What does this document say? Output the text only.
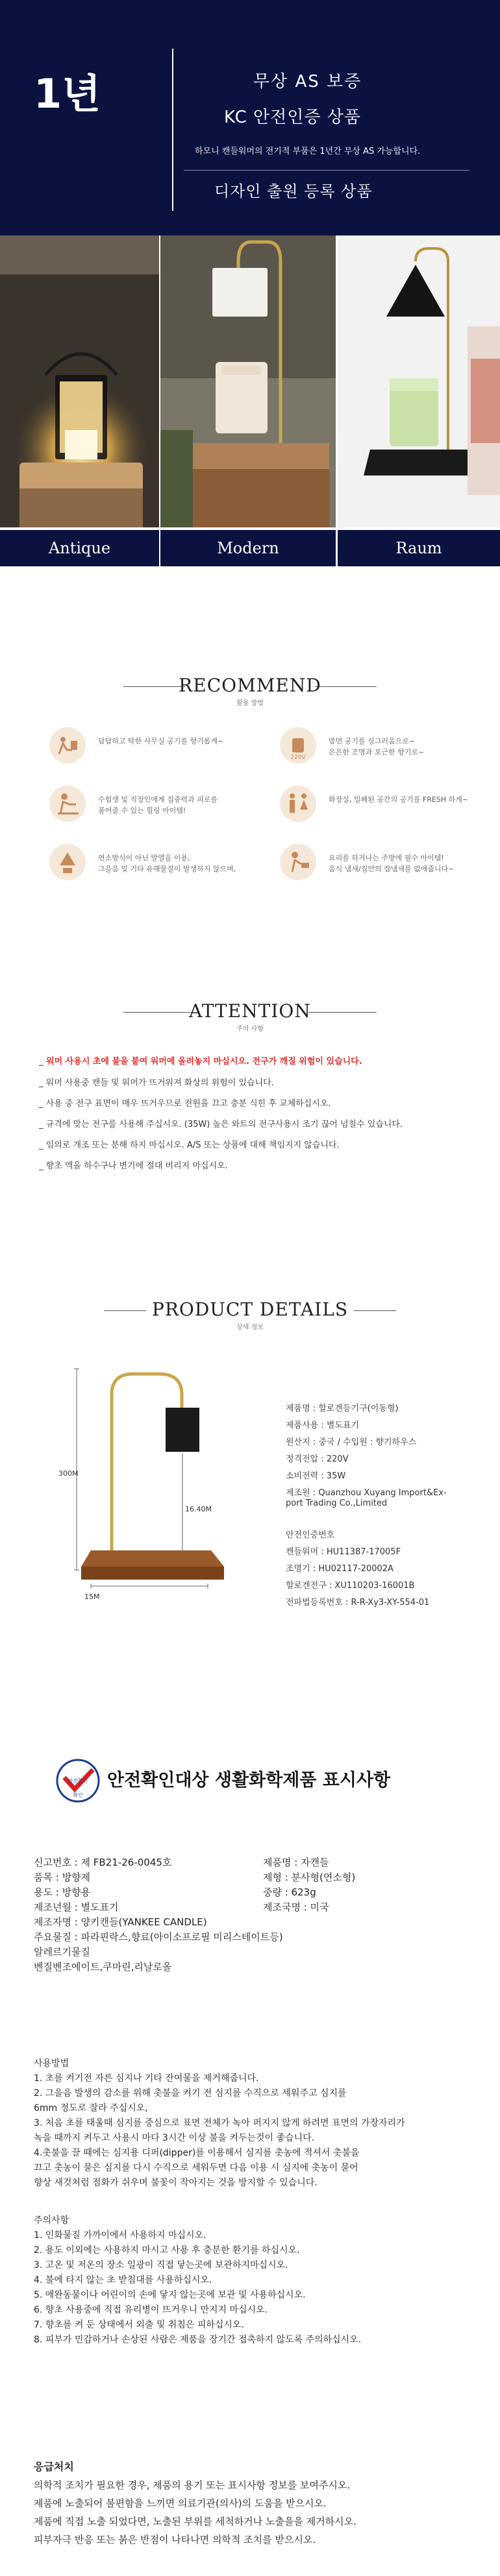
1년	무상 AS 보증
KC 안전인증 상품
하모니 캔들워머의 전기적 부품은 1년간 무상 AS 가능합니다.
디자인 출원 등록 상품
Antique	Modern	Raum
RECOMMEND
활용 방법
답답하고 탁한 사무실 공기를 향기롭게~
220V
밤먼 공기를 싱그러움으로~
은은한 조명과 포근한 향기로~
수험생 및 직장인에게 집중력과 피로를
풀어줄 수 있는 힐링 아이템!
화장실, 밀폐된 공간의 공기를 FRESH 하게~
연소방식이 아닌 발열을 이용,
그을음 및 기타 유해물질이 발생하지 않으며,
요리를 하거나는 주방에 필수 아이템!
음식 냄새/집안의 잡냄새를 없애줍니다~
ATTENTION
주의 사항
_ 워머 사용시 초에 불을 붙여 워머에 올려놓지 마십시오. 전구가 깨질 위험이 있습니다.
_ 워머 사용중 캔들 및 워머가 뜨거워져 화상의 위험이 있습니다.
_ 사용 중 전구 표면이 매우 뜨거우므로 전원을 끄고 충분 식힌 후 교체하십시오.
_ 규격에 맞는 전구를 사용해 주십시오. (35W) 높은 와트의 전구사용시 조기 끊어 넘칠수 있습니다.
_ 임의로 개조 또는 분해 하지 마십시오. A/S 또는 상품에 대해 책임지지 않습니다.
_ 향초 액을 하수구나 변기에 절대 버리지 마십시오.
PRODUCT DETAILS
상세 정보
300M
16.40M
15M
제품명 : 할로겐등기구(이동형)
제품사용 : 별도표기
원산지 : 중국 / 수입원 : 향기하우스
정격전압 : 220V
소비전력 : 35W
제조원 : Quanzhou Xuyang Import&Ex-
port Trading Co.,Limited
안전인증번호
캔들워머 : HU11387-17005F
조명기 : HU02117-20002A
할로겐전구 : XU110203-16001B
전파법등록번호 : R-R-Xy3-XY-554-01
안전확인
확인
안전확인대상 생활화학제품 표시사항
신고번호 : 제 FB21-26-0045호
품목 : 방향제
용도 : 방향용
제조년월 : 별도표기
제조자명 : 양키캔들(YANKEE CANDLE)
주요물질 : 파라핀락스,향료(아이소프로필 미리스테이트등)
알레르기물질
벤질벤조에이트,쿠마린,리날로올
제품명 : 자캔들
제형 : 분사형(연소형)
중량 : 623g
제조국명 : 미국
사용방법
1. 초를 켜기전 자른 심지나 기타 잔여물을 제거해줍니다.
2. 그을음 발생의 감소를 위해 촛불을 켜기 전 심지를 수직으로 세워주고 심지를
6mm 정도로 잘라 주십시오,
3. 처음 초를 태울때 심지를 중심으로 표면 전체가 녹아 퍼지지 않게 하려면 표면의 가장자리가
녹을 때까지 켜두고 사용시 마다 3시간 이상 불을 켜두는것이 좋습니다.
4.촛불을 끌 때에는 심지용 디퍼(dipper)를 이용해서 심지를 촛농에 적셔서 촛불을
끄고 촛농이 묻은 심지를 다시 수직으로 세워두면 다음 이용 시 심지에 촛농이 묻어
향상 새것처럼 점화가 쉬우며 불꽃이 작아지는 것을 방지할 수 있습니다.
주의사항
1. 인화물질 가까이에서 사용하지 마십시오.
2. 용도 이외에는 사용하지 마시고 사용 후 충분한 환기를 하십시오.
3. 고온 및 저온의 장소 일광이 직접 닿는곳에 보관하지마십시오.
4. 불에 타지 않는 초 받침대를 사용하십시오.
5. 애완동물이나 어린이의 손에 닿지 않는곳에 보관 및 사용하십시오.
6. 향초 사용중에 직접 유리병이 뜨거우니 만지지 마십시오.
7. 향초를 켜 둔 상태에서 외출 및 취침은 피하십시오.
8. 피부가 민감하거나 손상된 사람은 제품을 장기간 접촉하지 않도록 주의하십시오.
응급처치
의학적 조치가 필요한 경우, 제품의 용기 또는 표시사항 정보를 보여주시오.
제품에 노출되어 불편함을 느끼면 의료기관(의사)의 도움을 받으시오.
제품에 직접 노출 되었다면, 노출된 부위를 세척하거나 노출을을 제거하시오.
피부자극 반응 또는 붉은 반점이 나타나면 의학적 조치를 받으시오.
